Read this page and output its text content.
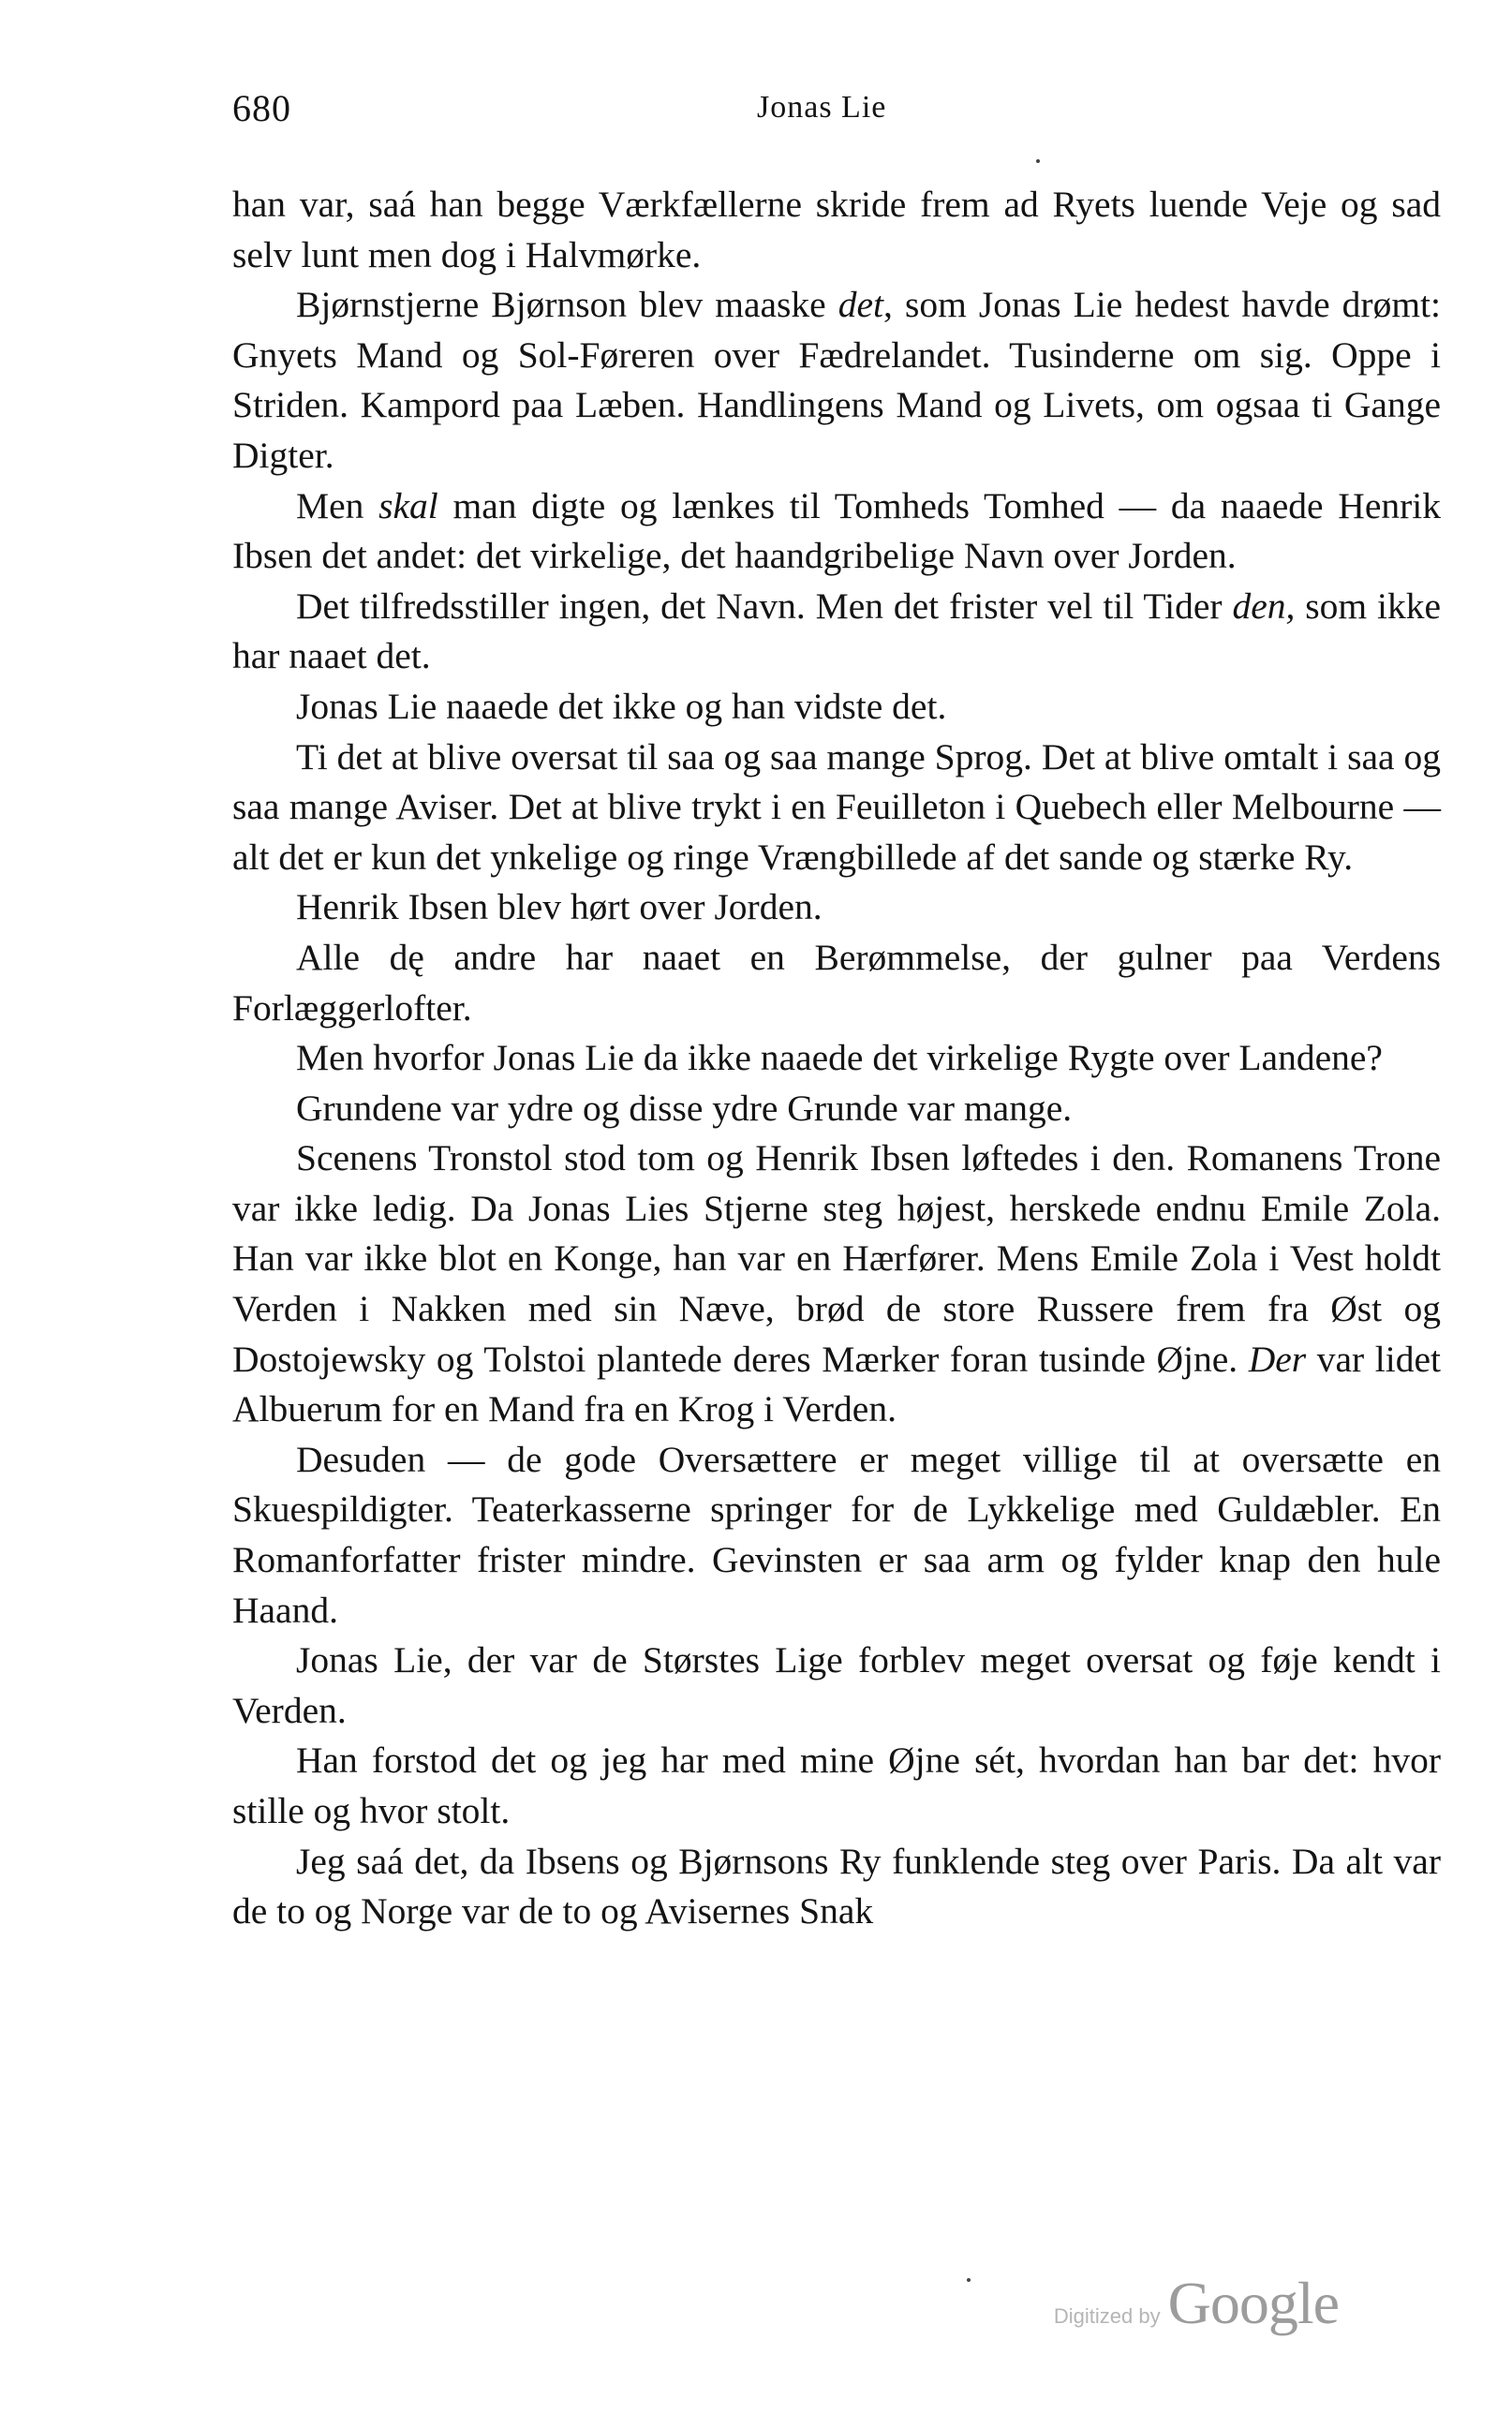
680	Jonas Lie

han var, saá han begge Værkfællerne skride frem ad Ryets luende Veje og sad selv lunt men dog i Halvmørke.

Bjørnstjerne Bjørnson blev maaske det, som Jonas Lie hedest havde drømt: Gnyets Mand og Sol-Føreren over Fædrelandet. Tusinderne om sig. Oppe i Striden. Kampord paa Læben. Handlingens Mand og Livets, om ogsaa ti Gange Digter.

Men skal man digte og lænkes til Tomheds Tomhed — da naaede Henrik Ibsen det andet: det virkelige, det haandgribelige Navn over Jorden.

Det tilfredsstiller ingen, det Navn. Men det frister vel til Tider den, som ikke har naaet det.

Jonas Lie naaede det ikke og han vidste det.

Ti det at blive oversat til saa og saa mange Sprog. Det at blive omtalt i saa og saa mange Aviser. Det at blive trykt i en Feuilleton i Quebech eller Melbourne — alt det er kun det ynkelige og ringe Vrængbillede af det sande og stærke Ry.

Henrik Ibsen blev hørt over Jorden.

Alle dę andre har naaet en Berømmelse, der gulner paa Verdens Forlæggerlofter.

Men hvorfor Jonas Lie da ikke naaede det virkelige Rygte over Landene?

Grundene var ydre og disse ydre Grunde var mange.

Scenens Tronstol stod tom og Henrik Ibsen løftedes i den. Romanens Trone var ikke ledig. Da Jonas Lies Stjerne steg højest, herskede endnu Emile Zola. Han var ikke blot en Konge, han var en Hærfører. Mens Emile Zola i Vest holdt Verden i Nakken med sin Næve, brød de store Russere frem fra Øst og Dostojewsky og Tolstoi plantede deres Mærker foran tusinde Øjne. Der var lidet Albuerum for en Mand fra en Krog i Verden.

Desuden — de gode Oversættere er meget villige til at oversætte en Skuespildigter. Teaterkasserne springer for de Lykkelige med Guldæbler. En Romanforfatter frister mindre. Gevinsten er saa arm og fylder knap den hule Haand.

Jonas Lie, der var de Størstes Lige forblev meget oversat og føje kendt i Verden.

Han forstod det og jeg har med mine Øjne sét, hvordan han bar det: hvor stille og hvor stolt.

Jeg saá det, da Ibsens og Bjørnsons Ry funklende steg over Paris. Da alt var de to og Norge var de to og Avisernes Snak

Digitized by Google
